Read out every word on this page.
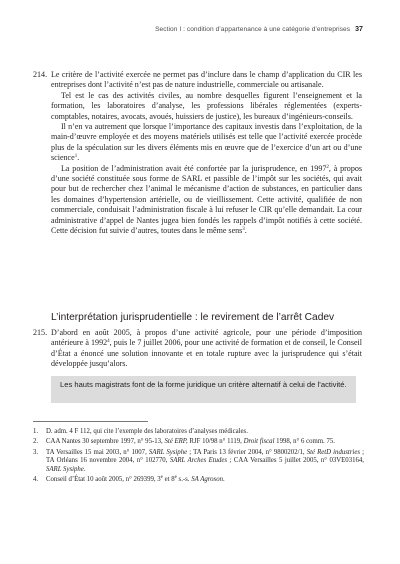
Section I : condition d’appartenance à une catégorie d’entreprises 37

214. Le critère de l’activité exercée ne permet pas d’inclure dans le champ d’application du CIR les entreprises dont l’activité n’est pas de nature industrielle, commerciale ou artisanale.

Tel est le cas des activités civiles, au nombre desquelles figurent l’enseignement et la formation, les laboratoires d’analyse, les professions libérales réglementées (experts-comptables, notaires, avocats, avoués, huissiers de justice), les bureaux d’ingénieurs-conseils.

Il n’en va autrement que lorsque l’importance des capitaux investis dans l’exploitation, de la main-d’œuvre employée et des moyens matériels utilisés est telle que l’activité exercée procède plus de la spéculation sur les divers éléments mis en œuvre que de l’exercice d’un art ou d’une science$^1$.

La position de l’administration avait été confortée par la jurisprudence, en 1997$^2$, à propos d’une société constituée sous forme de SARL et passible de l’impôt sur les sociétés, qui avait pour but de rechercher chez l’animal le mécanisme d’action de substances, en particulier dans les domaines d’hypertension artérielle, ou de vieillissement. Cette activité, qualifiée de non commerciale, conduisait l’administration fiscale à lui refuser le CIR qu’elle demandait. La cour administrative d’appel de Nantes jugea bien fondés les rappels d’impôt notifiés à cette société. Cette décision fut suivie d’autres, toutes dans le même sens$^3$.

L’interprétation jurisprudentielle : le revirement de l’arrêt Cadev

215. D’abord en août 2005, à propos d’une activité agricole, pour une période d’imposition antérieure à 1992$^4$, puis le 7 juillet 2006, pour une activité de formation et de conseil, le Conseil d’État a énoncé une solution innovante et en totale rupture avec la jurisprudence qui s’était développée jusqu’alors.

Les hauts magistrats font de la forme juridique un critère alternatif à celui de l’activité.
1. D. adm. 4 F 112, qui cite l’exemple des laboratoires d’analyses médicales.
2. CAA Nantes 30 septembre 1997, n° 95-13, Sté ERP, RJF 10/98 n° 1119, Droit fiscal 1998, n° 6 comm. 75.
3. TA Versailles 15 mai 2003, n° 1007, SARL Sysiphe ; TA Paris 13 février 2004, n° 9800202/1, Sté RetD industries ; TA Orléans 16 novembre 2004, n° 102770, SARL Arches Etudes ; CAA Versailles 5 juillet 2005, n° 03VE03164, SARL Sysiphe.
4. Conseil d’État 10 août 2005, n° 269399, 3e et 8e s.-s. SA Agroson.
